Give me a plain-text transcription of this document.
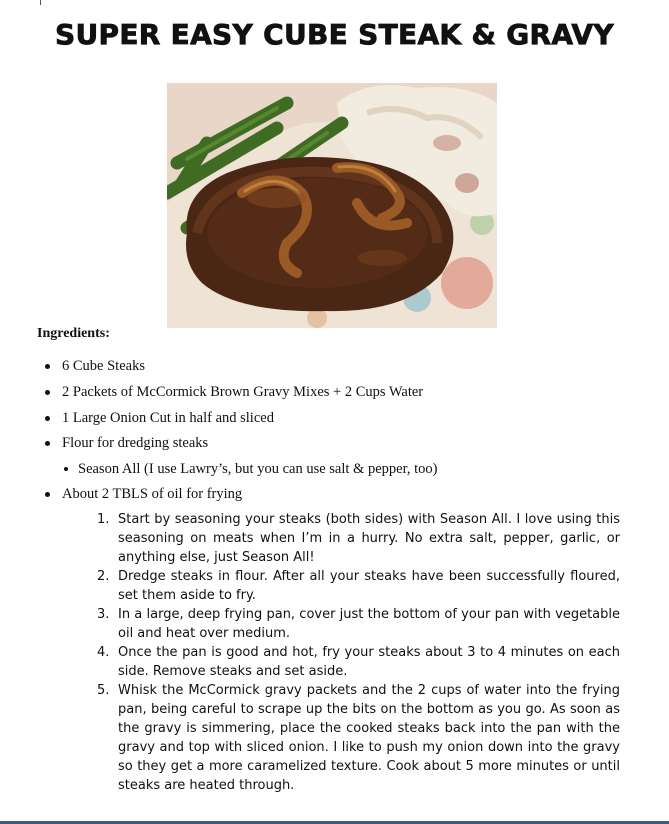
SUPER EASY CUBE STEAK & GRAVY
Ingredients:
6 Cube Steaks
2 Packets of McCormick Brown Gravy Mixes + 2 Cups Water
1 Large Onion Cut in half and sliced
Flour for dredging steaks
Season All (I use Lawry’s, but you can use salt & pepper, too)
About 2 TBLS of oil for frying
1. Start by seasoning your steaks (both sides) with Season All. I love using this seasoning on meats when I’m in a hurry. No extra salt, pepper, garlic, or anything else, just Season All!
2. Dredge steaks in flour. After all your steaks have been successfully floured, set them aside to fry.
3. In a large, deep frying pan, cover just the bottom of your pan with vegetable oil and heat over medium.
4. Once the pan is good and hot, fry your steaks about 3 to 4 minutes on each side. Remove steaks and set aside.
5. Whisk the McCormick gravy packets and the 2 cups of water into the frying pan, being careful to scrape up the bits on the bottom as you go. As soon as the gravy is simmering, place the cooked steaks back into the pan with the gravy and top with sliced onion. I like to push my onion down into the gravy so they get a more caramelized texture. Cook about 5 more minutes or until steaks are heated through.
